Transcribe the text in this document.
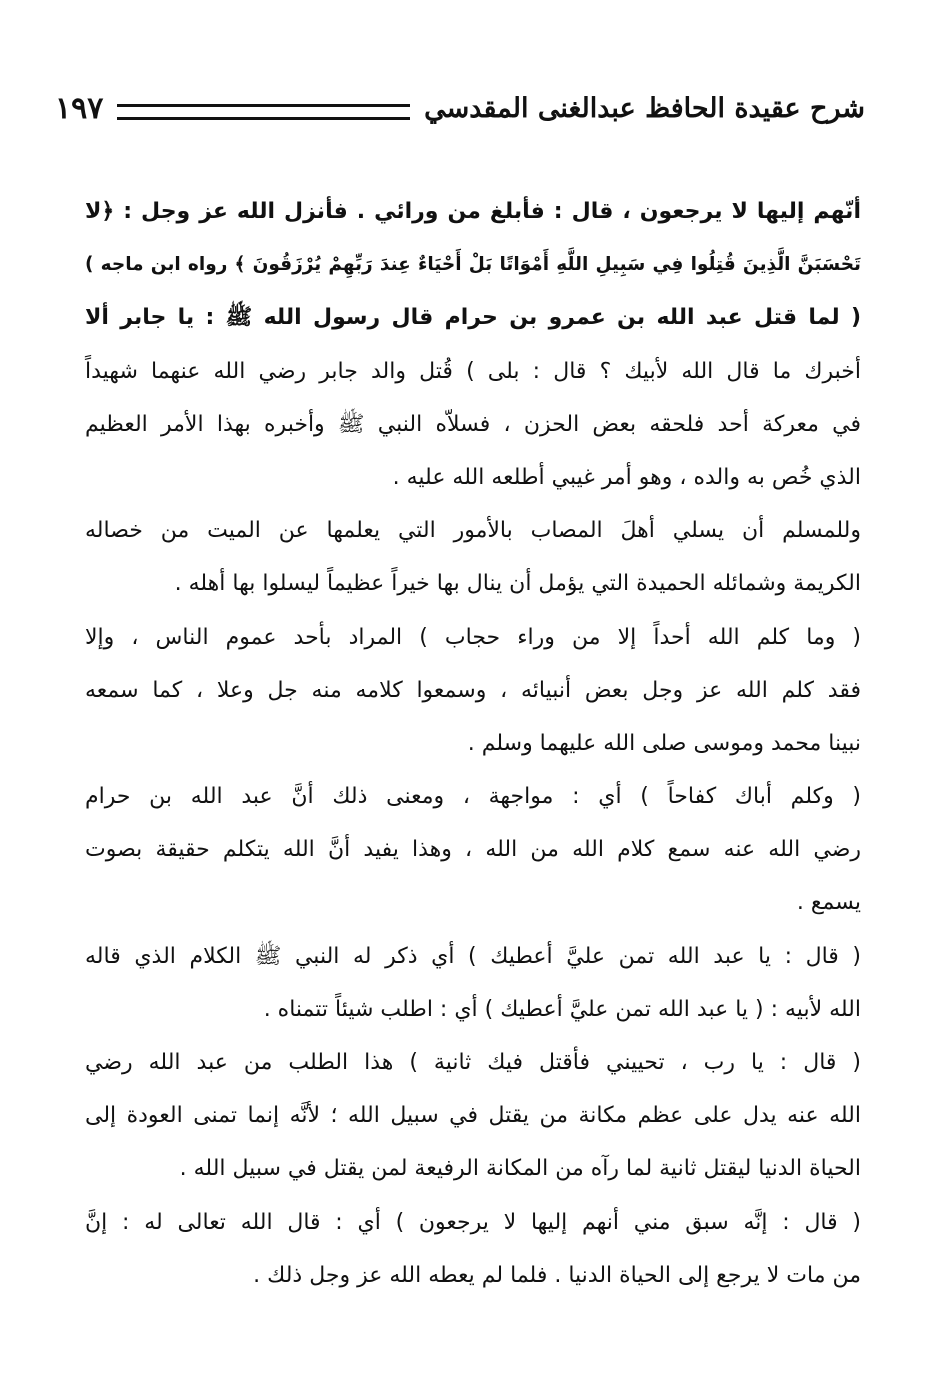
شرح عقيدة الحافظ عبدالغنى المقدسي
١٩٧
أنّهم إليها لا يرجعون ، قال : فأبلغ من ورائي . فأنزل الله عز وجل : ﴿لا
تَحْسَبَنَّ الَّذِينَ قُتِلُوا فِي سَبِيلِ اللَّهِ أَمْوَاتًا بَلْ أَحْيَاءٌ عِندَ رَبِّهِمْ يُرْزَقُونَ ﴾ رواه ابن ماجه )
( لما قتل عبد الله بن عمرو بن حرام قال رسول الله ﷺ : يا جابر ألا
أخبرك ما قال الله لأبيك ؟ قال : بلى ) قُتل والد جابر رضي الله عنهما شهيداً
في معركة أحد فلحقه بعض الحزن ، فسلاّه النبي ﷺ وأخبره بهذا الأمر العظيم
الذي خُص به والده ، وهو أمر غيبي أطلعه الله عليه .
وللمسلم أن يسلي أهلَ المصاب بالأمور التي يعلمها عن الميت من خصاله
الكريمة وشمائله الحميدة التي يؤمل أن ينال بها خيراً عظيماً ليسلوا بها أهله .
( وما كلم الله أحداً إلا من وراء حجاب ) المراد بأحد عموم الناس ، وإلا
فقد كلم الله عز وجل بعض أنبيائه ، وسمعوا كلامه منه جل وعلا ، كما سمعه
نبينا محمد وموسى صلى الله عليهما وسلم .
( وكلم أباك كفاحاً ) أي : مواجهة ، ومعنى ذلك أنَّ عبد الله بن حرام
رضي الله عنه سمع كلام الله من الله ، وهذا يفيد أنَّ الله يتكلم حقيقة بصوت
يسمع .
( قال : يا عبد الله تمن عليَّ أعطيك ) أي ذكر له النبي ﷺ الكلام الذي قاله
الله لأبيه : ( يا عبد الله تمن عليَّ أعطيك ) أي : اطلب شيئاً تتمناه .
( قال : يا رب ، تحييني فأقتل فيك ثانية ) هذا الطلب من عبد الله رضي
الله عنه يدل على عظم مكانة من يقتل في سبيل الله ؛ لأنَّه إنما تمنى العودة إلى
الحياة الدنيا ليقتل ثانية لما رآه من المكانة الرفيعة لمن يقتل في سبيل الله .
( قال : إنَّه سبق مني أنهم إليها لا يرجعون ) أي : قال الله تعالى له : إنَّ
من مات لا يرجع إلى الحياة الدنيا . فلما لم يعطه الله عز وجل ذلك .
